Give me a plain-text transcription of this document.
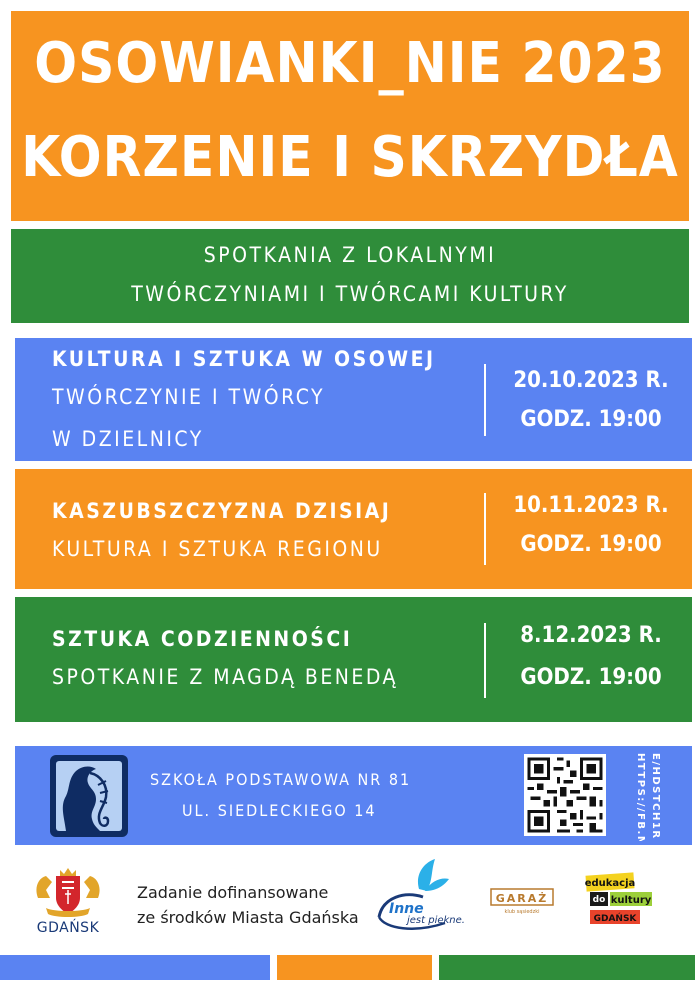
OSOWIANKI_NIE 2023
KORZENIE I SKRZYDŁA
SPOTKANIA Z LOKALNYMI
TWÓRCZYNIAMI I TWÓRCAMI KULTURY
KULTURA I SZTUKA W OSOWEJ
TWÓRCZYNIE I TWÓRCY
W DZIELNICY
20.10.2023 R.
GODZ. 19:00
KASZUBSZCZYZNA DZISIAJ
KULTURA I SZTUKA REGIONU
10.11.2023 R.
GODZ. 19:00
SZTUKA CODZIENNOŚCI
SPOTKANIE Z MAGDĄ BENEDĄ
8.12.2023 R.
GODZ. 19:00
SZKOŁA PODSTAWOWA NR 81
UL. SIEDLECKIEGO 14	HTTPS://FB.ME/ E/HDSTCH1R
GDAŃSK
Zadanie dofinansowane
ze środków Miasta Gdańska Inne
jest piękne.
GARAŻ
klub sąsiedzki
edukacja
do kultury
GDAŃSK
